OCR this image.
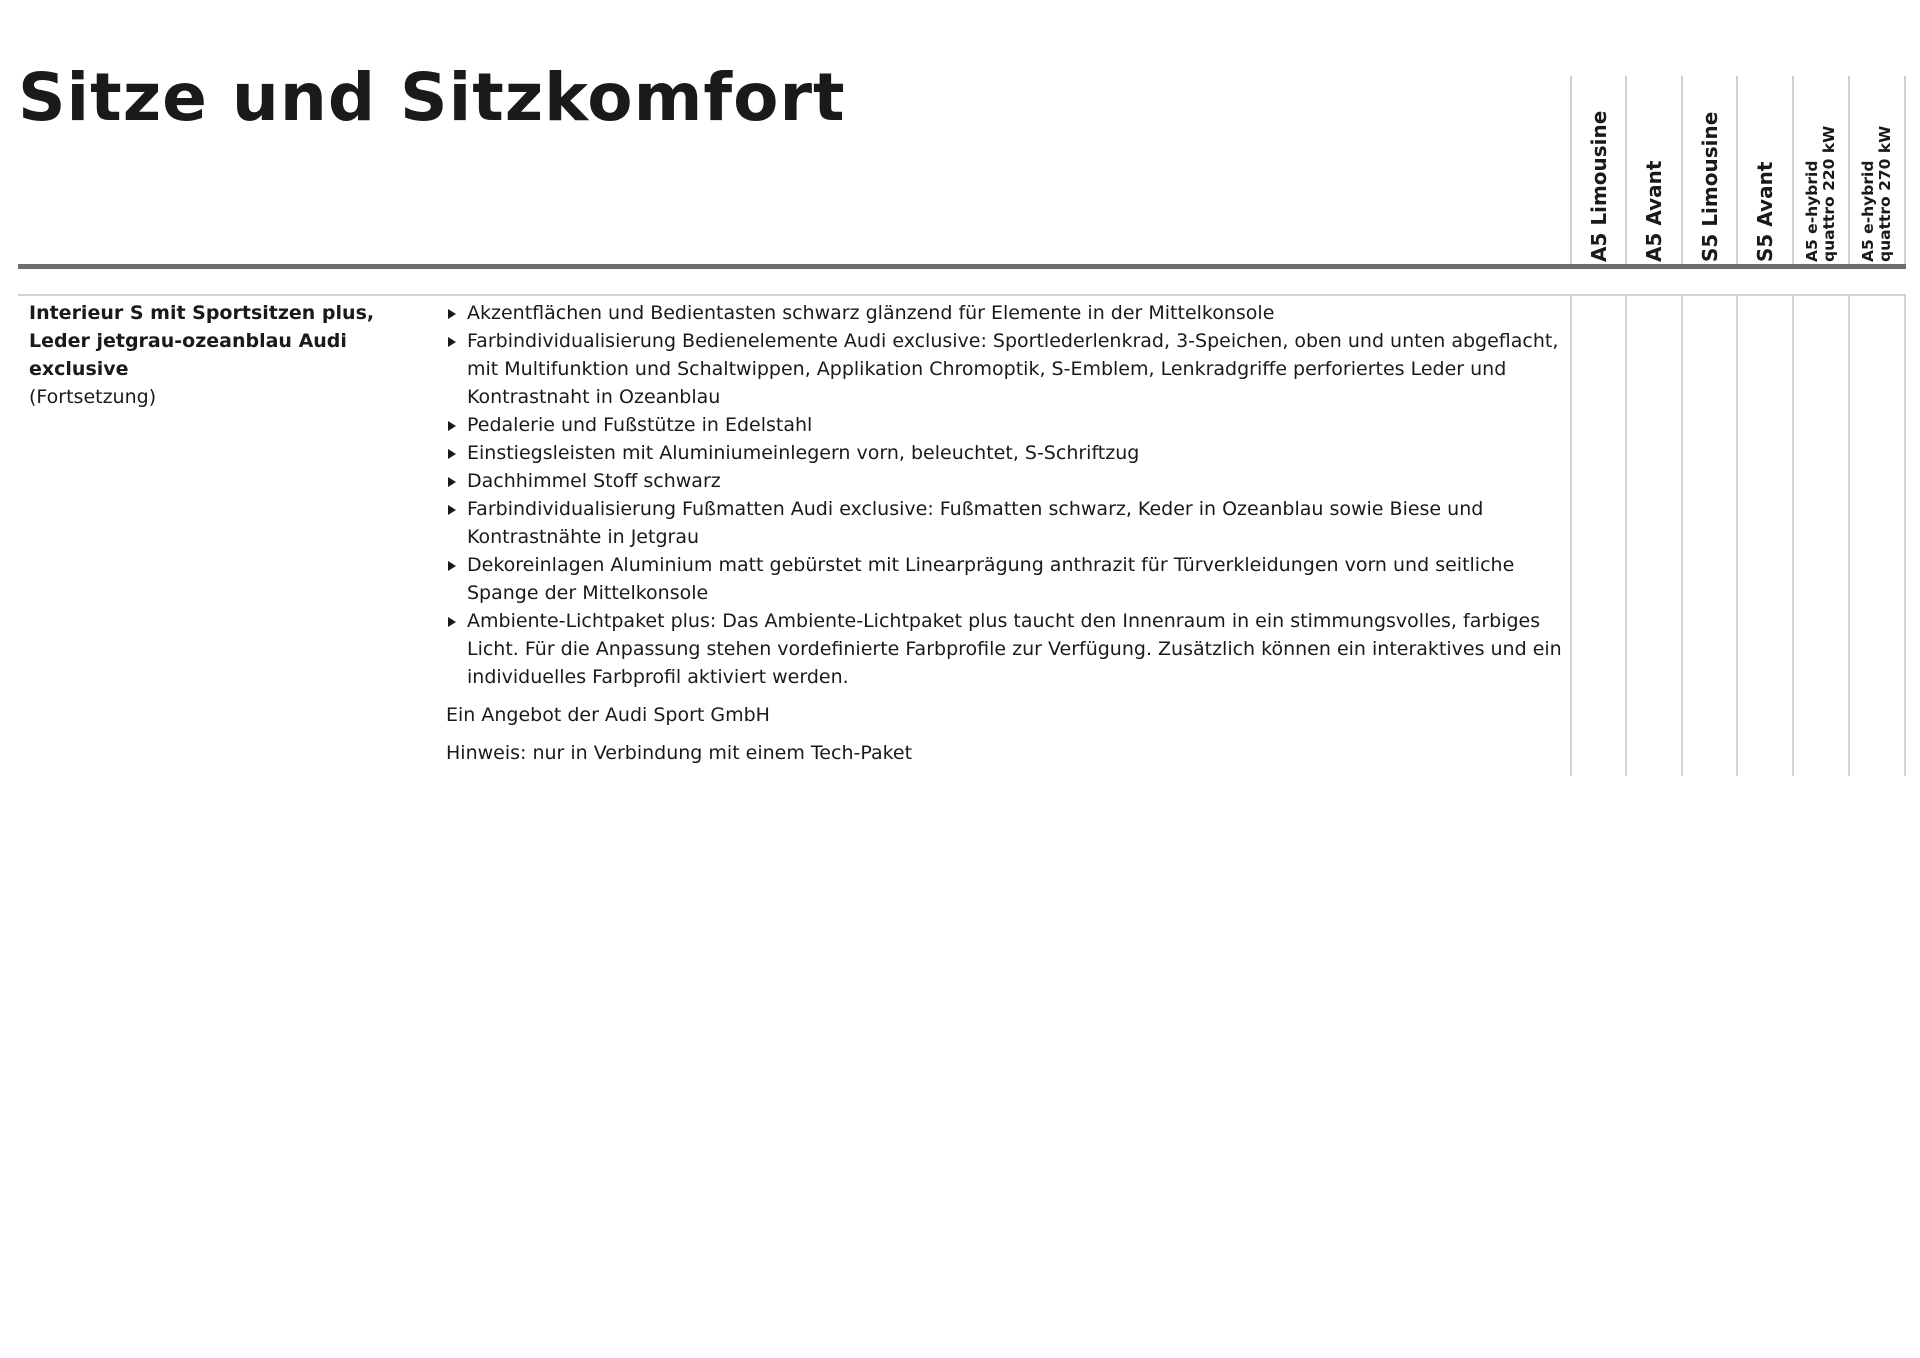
Sitze und Sitzkomfort
A5 Limousine A5 Avant S5 Limousine S5 Avant A5 e-hybrid quattro 220 kW A5 e-hybrid quattro 270 kW
Interieur S mit Sportsitzen plus, Leder jetgrau-ozeanblau Audi exclusive
(Fortsetzung)
Akzentflächen und Bedientasten schwarz glänzend für Elemente in der Mittelkonsole
Farbindividualisierung Bedienelemente Audi exclusive: Sportlederlenkrad, 3-Speichen, oben und unten abgeflacht, mit Multifunktion und Schaltwippen, Applikation Chromoptik, S-Emblem, Lenkradgriffe perforiertes Leder und Kontrastnaht in Ozeanblau
Pedalerie und Fußstütze in Edelstahl
Einstiegsleisten mit Aluminiumeinlegern vorn, beleuchtet, S-Schriftzug
Dachhimmel Stoff schwarz
Farbindividualisierung Fußmatten Audi exclusive: Fußmatten schwarz, Keder in Ozeanblau sowie Biese und Kontrastnähte in Jetgrau
Dekoreinlagen Aluminium matt gebürstet mit Linearprägung anthrazit für Türverkleidungen vorn und seitliche Spange der Mittelkonsole
Ambiente-Lichtpaket plus: Das Ambiente-Lichtpaket plus taucht den Innenraum in ein stimmungsvolles, farbiges Licht. Für die Anpassung stehen vordefinierte Farbprofile zur Verfügung. Zusätzlich können ein interaktives und ein individuelles Farbprofil aktiviert werden.
Ein Angebot der Audi Sport GmbH
Hinweis: nur in Verbindung mit einem Tech-Paket
